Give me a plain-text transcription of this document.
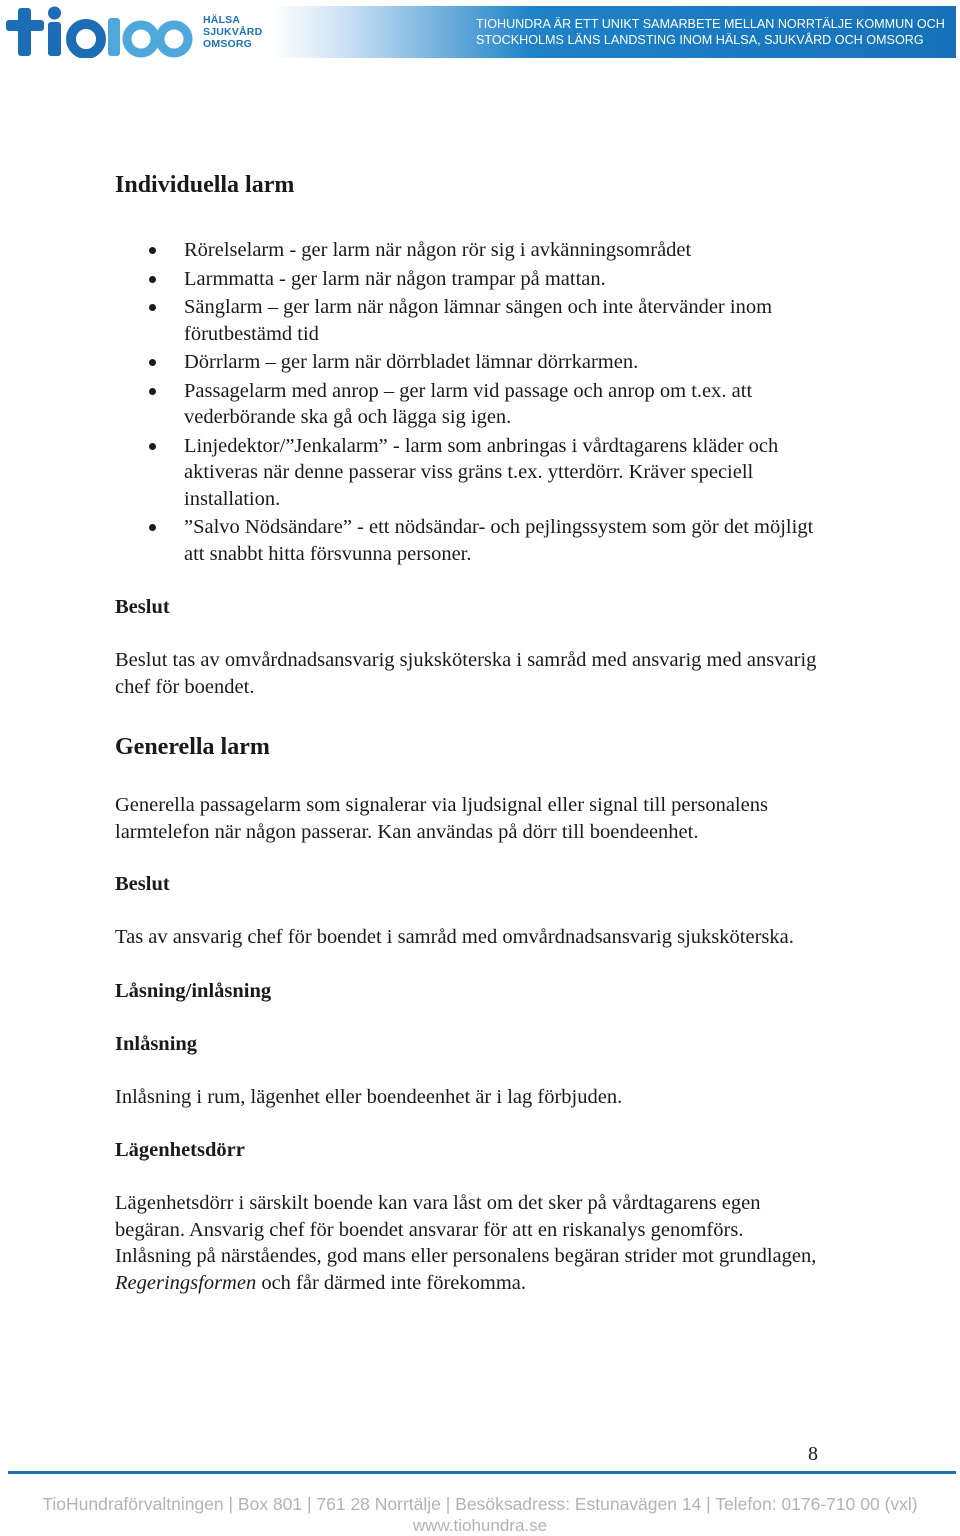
HÄLSA
SJUKVÅRD
OMSORG
TIOHUNDRA ÄR ETT UNIKT SAMARBETE MELLAN NORRTÄLJE KOMMUN OCH
STOCKHOLMS LÄNS LANDSTING INOM HÄLSA, SJUKVÅRD OCH OMSORG
Individuella larm
Rörelselarm - ger larm när någon rör sig i avkänningsområdet
Larmmatta - ger larm när någon trampar på mattan.
Sänglarm – ger larm när någon lämnar sängen och inte återvänder inom förutbestämd tid
Dörrlarm – ger larm när dörrbladet lämnar dörrkarmen.
Passagelarm med anrop – ger larm vid passage och anrop om t.ex. att vederbörande ska gå och lägga sig igen.
Linjedektor/”Jenkalarm” - larm som anbringas i vårdtagarens kläder och aktiveras när denne passerar viss gräns t.ex. ytterdörr. Kräver speciell installation.
”Salvo Nödsändare” - ett nödsändar- och pejlingssystem som gör det möjligt att snabbt hitta försvunna personer.
Beslut

Beslut tas av omvårdnadsansvarig sjuksköterska i samråd med ansvarig med ansvarig chef för boendet.

Generella larm

Generella passagelarm som signalerar via ljudsignal eller signal till personalens larmtelefon när någon passerar. Kan användas på dörr till boendeenhet.

Beslut

Tas av ansvarig chef för boendet i samråd med omvårdnadsansvarig sjuksköterska.

Låsning/inlåsning
Inlåsning

Inlåsning i rum, lägenhet eller boendeenhet är i lag förbjuden.

Lägenhetsdörr

Lägenhetsdörr i särskilt boende kan vara låst om det sker på vårdtagarens egen begäran. Ansvarig chef för boendet ansvarar för att en riskanalys genomförs.

Inlåsning på närståendes, god mans eller personalens begäran strider mot grundlagen, Regeringsformen och får därmed inte förekomma.

8
TioHundraförvaltningen | Box 801 | 761 28 Norrtälje | Besöksadress: Estunavägen 14 | Telefon: 0176-710 00 (vxl)
www.tiohundra.se
